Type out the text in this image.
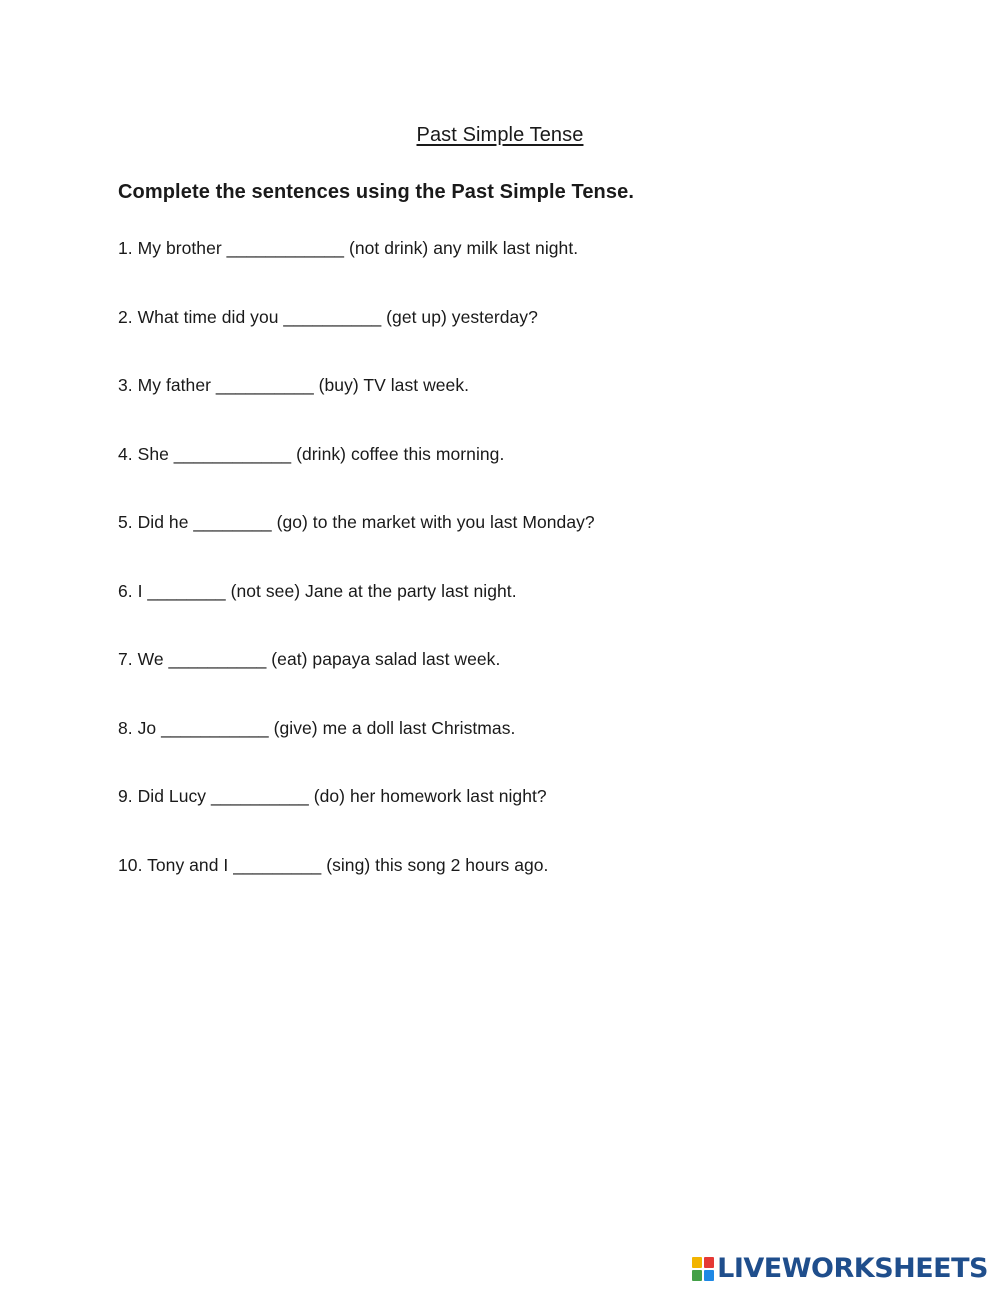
Past Simple Tense
Complete the sentences using the Past Simple Tense.
1. My brother ____________ (not drink) any milk last night.
2. What time did you __________ (get up) yesterday?
3. My father __________ (buy) TV last week.
4. She ____________ (drink) coffee this morning.
5. Did he ________ (go) to the market with you last Monday?
6. I ________ (not see) Jane at the party last night.
7. We __________ (eat) papaya salad last week.
8. Jo ___________ (give) me a doll last Christmas.
9. Did Lucy __________ (do) her homework last night?
10. Tony and I _________ (sing) this song 2 hours ago.
LIVEWORKSHEETS
